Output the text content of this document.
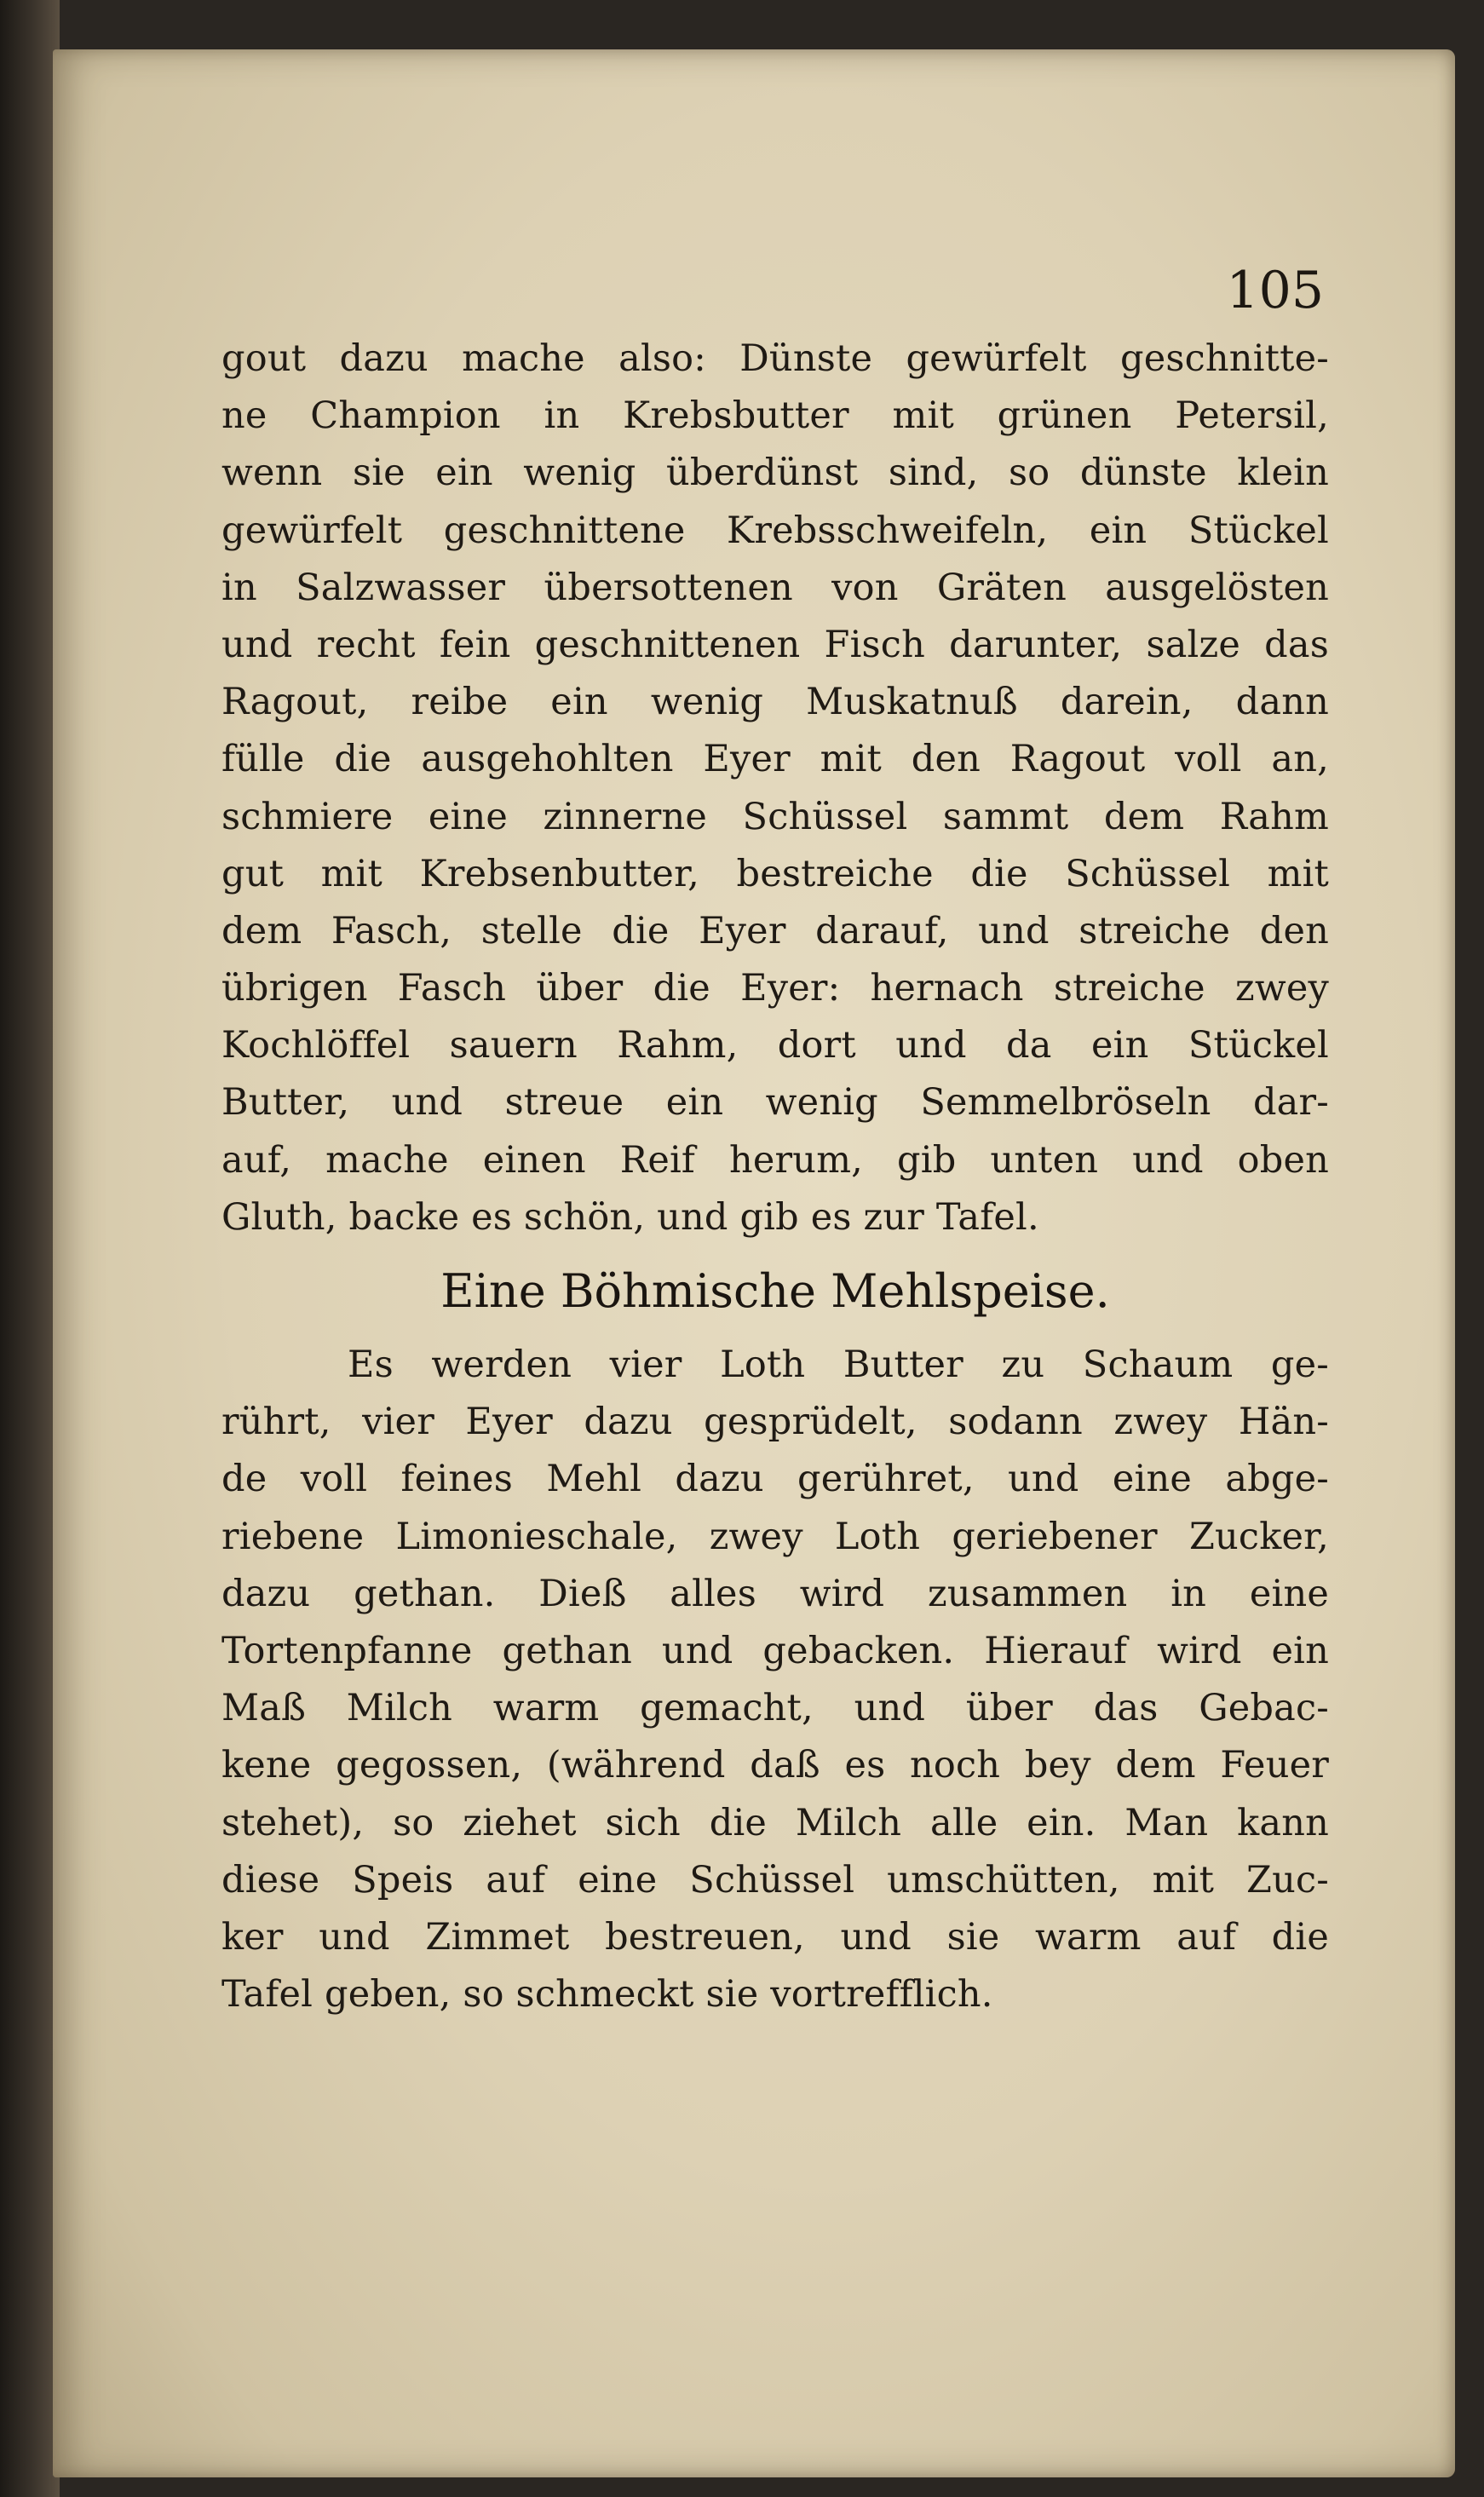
105
gout dazu mache also: Dünste gewürfelt geschnitte-
ne Champion in Krebsbutter mit grünen Petersil,
wenn sie ein wenig überdünst sind, so dünste klein
gewürfelt geschnittene Krebsschweifeln, ein Stückel
in Salzwasser übersottenen von Gräten ausgelösten
und recht fein geschnittenen Fisch darunter, salze das
Ragout, reibe ein wenig Muskatnuß darein, dann
fülle die ausgehohlten Eyer mit den Ragout voll an,
schmiere eine zinnerne Schüssel sammt dem Rahm
gut mit Krebsenbutter, bestreiche die Schüssel mit
dem Fasch, stelle die Eyer darauf, und streiche den
übrigen Fasch über die Eyer: hernach streiche zwey
Kochlöffel sauern Rahm, dort und da ein Stückel
Butter, und streue ein wenig Semmelbröseln dar-
auf, mache einen Reif herum, gib unten und oben
Gluth, backe es schön, und gib es zur Tafel.
Eine Böhmische Mehlspeise.
Es werden vier Loth Butter zu Schaum ge-
rührt, vier Eyer dazu gesprüdelt, sodann zwey Hän-
de voll feines Mehl dazu gerühret, und eine abge-
riebene Limonieschale, zwey Loth geriebener Zucker,
dazu gethan. Dieß alles wird zusammen in eine
Tortenpfanne gethan und gebacken. Hierauf wird ein
Maß Milch warm gemacht, und über das Gebac-
kene gegossen, (während daß es noch bey dem Feuer
stehet), so ziehet sich die Milch alle ein. Man kann
diese Speis auf eine Schüssel umschütten, mit Zuc-
ker und Zimmet bestreuen, und sie warm auf die
Tafel geben, so schmeckt sie vortrefflich.
